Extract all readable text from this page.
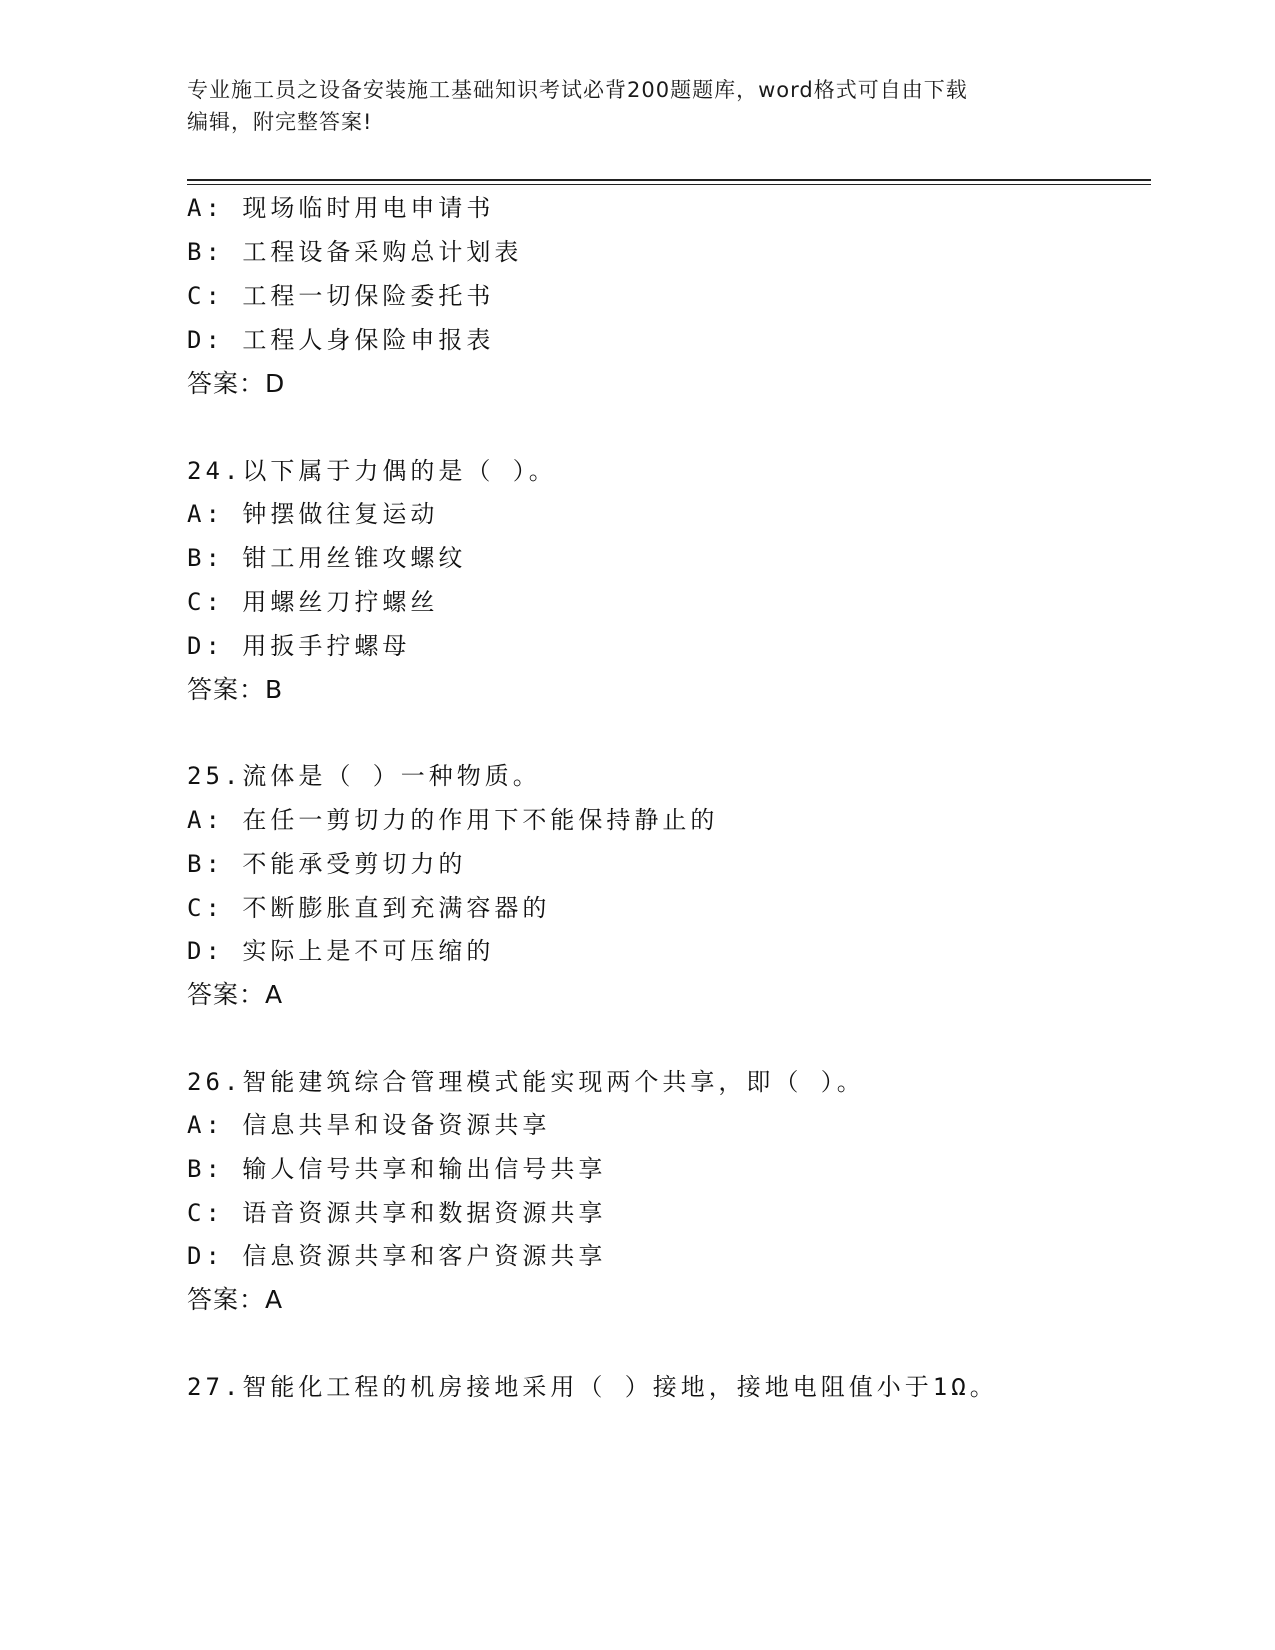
专业施工员之设备安装施工基础知识考试必背200题题库，word格式可自由下载
编辑，附完整答案!
A: 现场临时用电申请书
B: 工程设备采购总计划表
C: 工程一切保险委托书
D: 工程人身保险申报表
答案：D
24.以下属于力偶的是（ ）。
A: 钟摆做往复运动
B: 钳工用丝锥攻螺纹
C: 用螺丝刀拧螺丝
D: 用扳手拧螺母
答案：B
25.流体是（ ）一种物质。
A: 在任一剪切力的作用下不能保持静止的
B: 不能承受剪切力的
C: 不断膨胀直到充满容器的
D: 实际上是不可压缩的
答案：A
26.智能建筑综合管理模式能实现两个共享，即（ ）。
A: 信息共旱和设备资源共享
B: 输人信号共享和输出信号共享
C: 语音资源共享和数据资源共享
D: 信息资源共享和客户资源共享
答案：A
27.智能化工程的机房接地采用（ ）接地，接地电阻值小于1Ω。
